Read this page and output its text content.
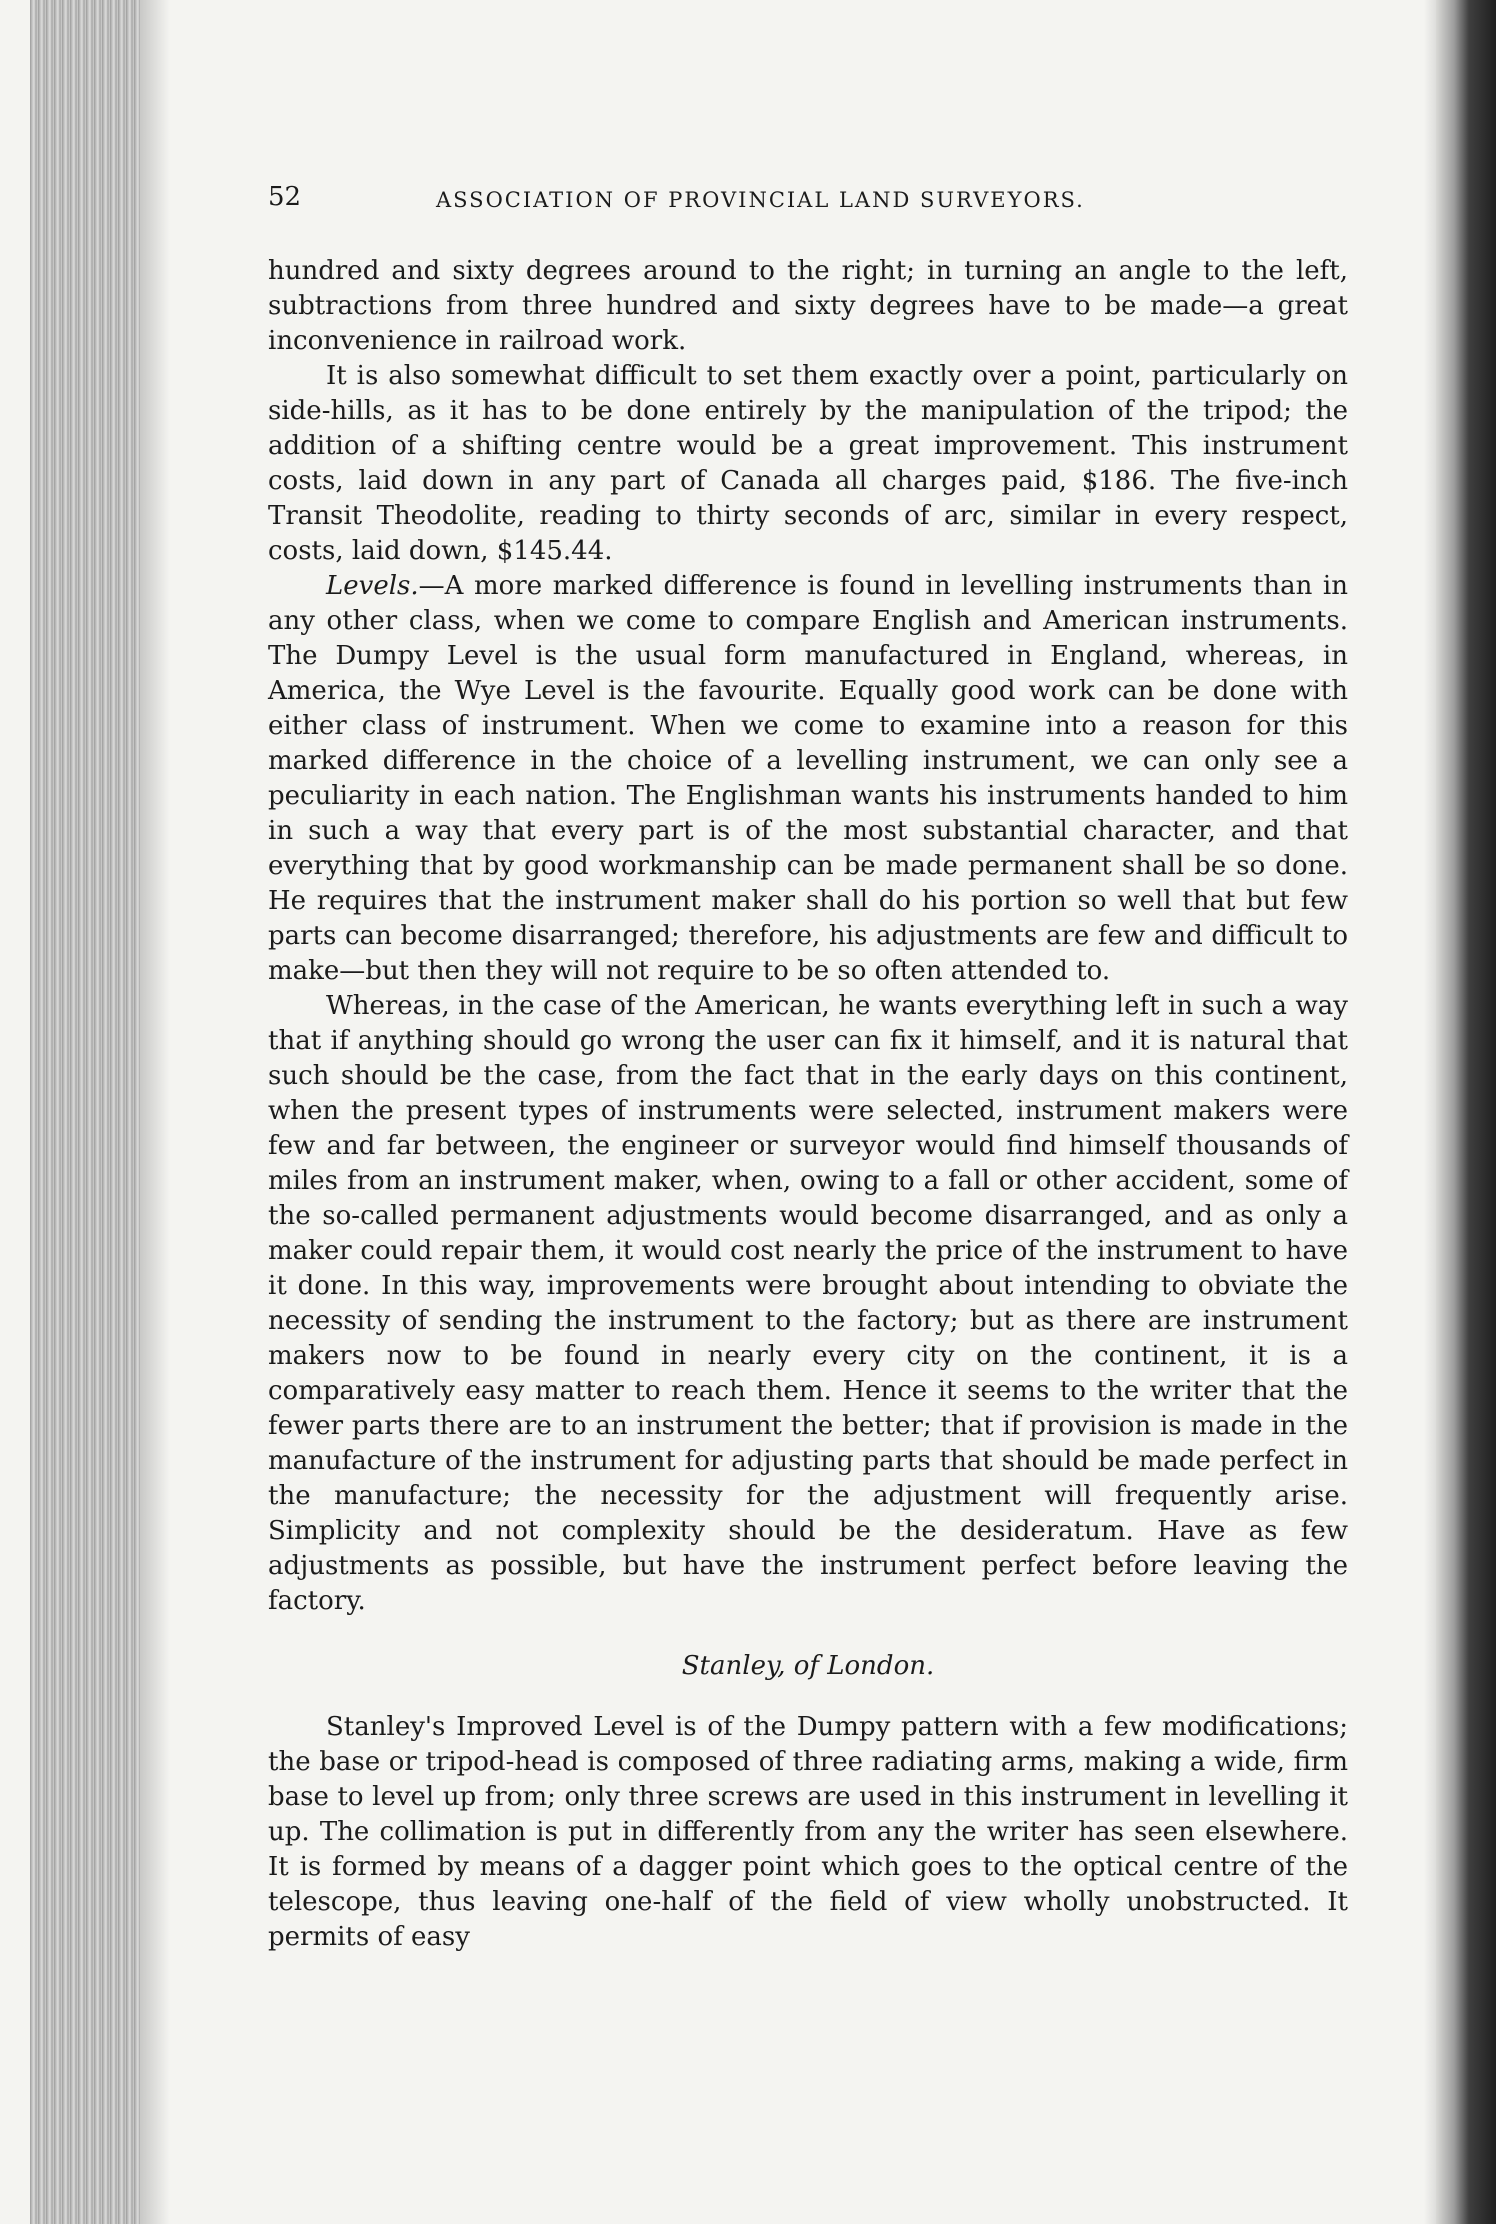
52	ASSOCIATION OF PROVINCIAL LAND SURVEYORS.

hundred and sixty degrees around to the right; in turning an angle to the left, subtractions from three hundred and sixty degrees have to be made—a great inconvenience in railroad work.

It is also somewhat difficult to set them exactly over a point, particularly on side-hills, as it has to be done entirely by the manipulation of the tripod; the addition of a shifting centre would be a great improvement. This instrument costs, laid down in any part of Canada all charges paid, $186. The five-inch Transit Theodolite, reading to thirty seconds of arc, similar in every respect, costs, laid down, $145.44.

Levels.—A more marked difference is found in levelling instruments than in any other class, when we come to compare English and American instruments. The Dumpy Level is the usual form manufactured in England, whereas, in America, the Wye Level is the favourite. Equally good work can be done with either class of instrument. When we come to examine into a reason for this marked difference in the choice of a levelling instrument, we can only see a peculiarity in each nation. The Englishman wants his instruments handed to him in such a way that every part is of the most substantial character, and that everything that by good workmanship can be made permanent shall be so done. He requires that the instrument maker shall do his portion so well that but few parts can become disarranged; therefore, his adjustments are few and difficult to make—but then they will not require to be so often attended to.

Whereas, in the case of the American, he wants everything left in such a way that if anything should go wrong the user can fix it himself, and it is natural that such should be the case, from the fact that in the early days on this continent, when the present types of instruments were selected, instrument makers were few and far between, the engineer or surveyor would find himself thousands of miles from an instrument maker, when, owing to a fall or other accident, some of the so-called permanent adjustments would become disarranged, and as only a maker could repair them, it would cost nearly the price of the instrument to have it done. In this way, improvements were brought about intending to obviate the necessity of sending the instrument to the factory; but as there are instrument makers now to be found in nearly every city on the continent, it is a comparatively easy matter to reach them. Hence it seems to the writer that the fewer parts there are to an instrument the better; that if provision is made in the manufacture of the instrument for adjusting parts that should be made perfect in the manufacture; the necessity for the adjustment will frequently arise. Simplicity and not complexity should be the desideratum. Have as few adjustments as possible, but have the instrument perfect before leaving the factory.

Stanley, of London.

Stanley's Improved Level is of the Dumpy pattern with a few modifications; the base or tripod-head is composed of three radiating arms, making a wide, firm base to level up from; only three screws are used in this instrument in levelling it up. The collimation is put in differently from any the writer has seen elsewhere. It is formed by means of a dagger point which goes to the optical centre of the telescope, thus leaving one-half of the field of view wholly unobstructed. It permits of easy
